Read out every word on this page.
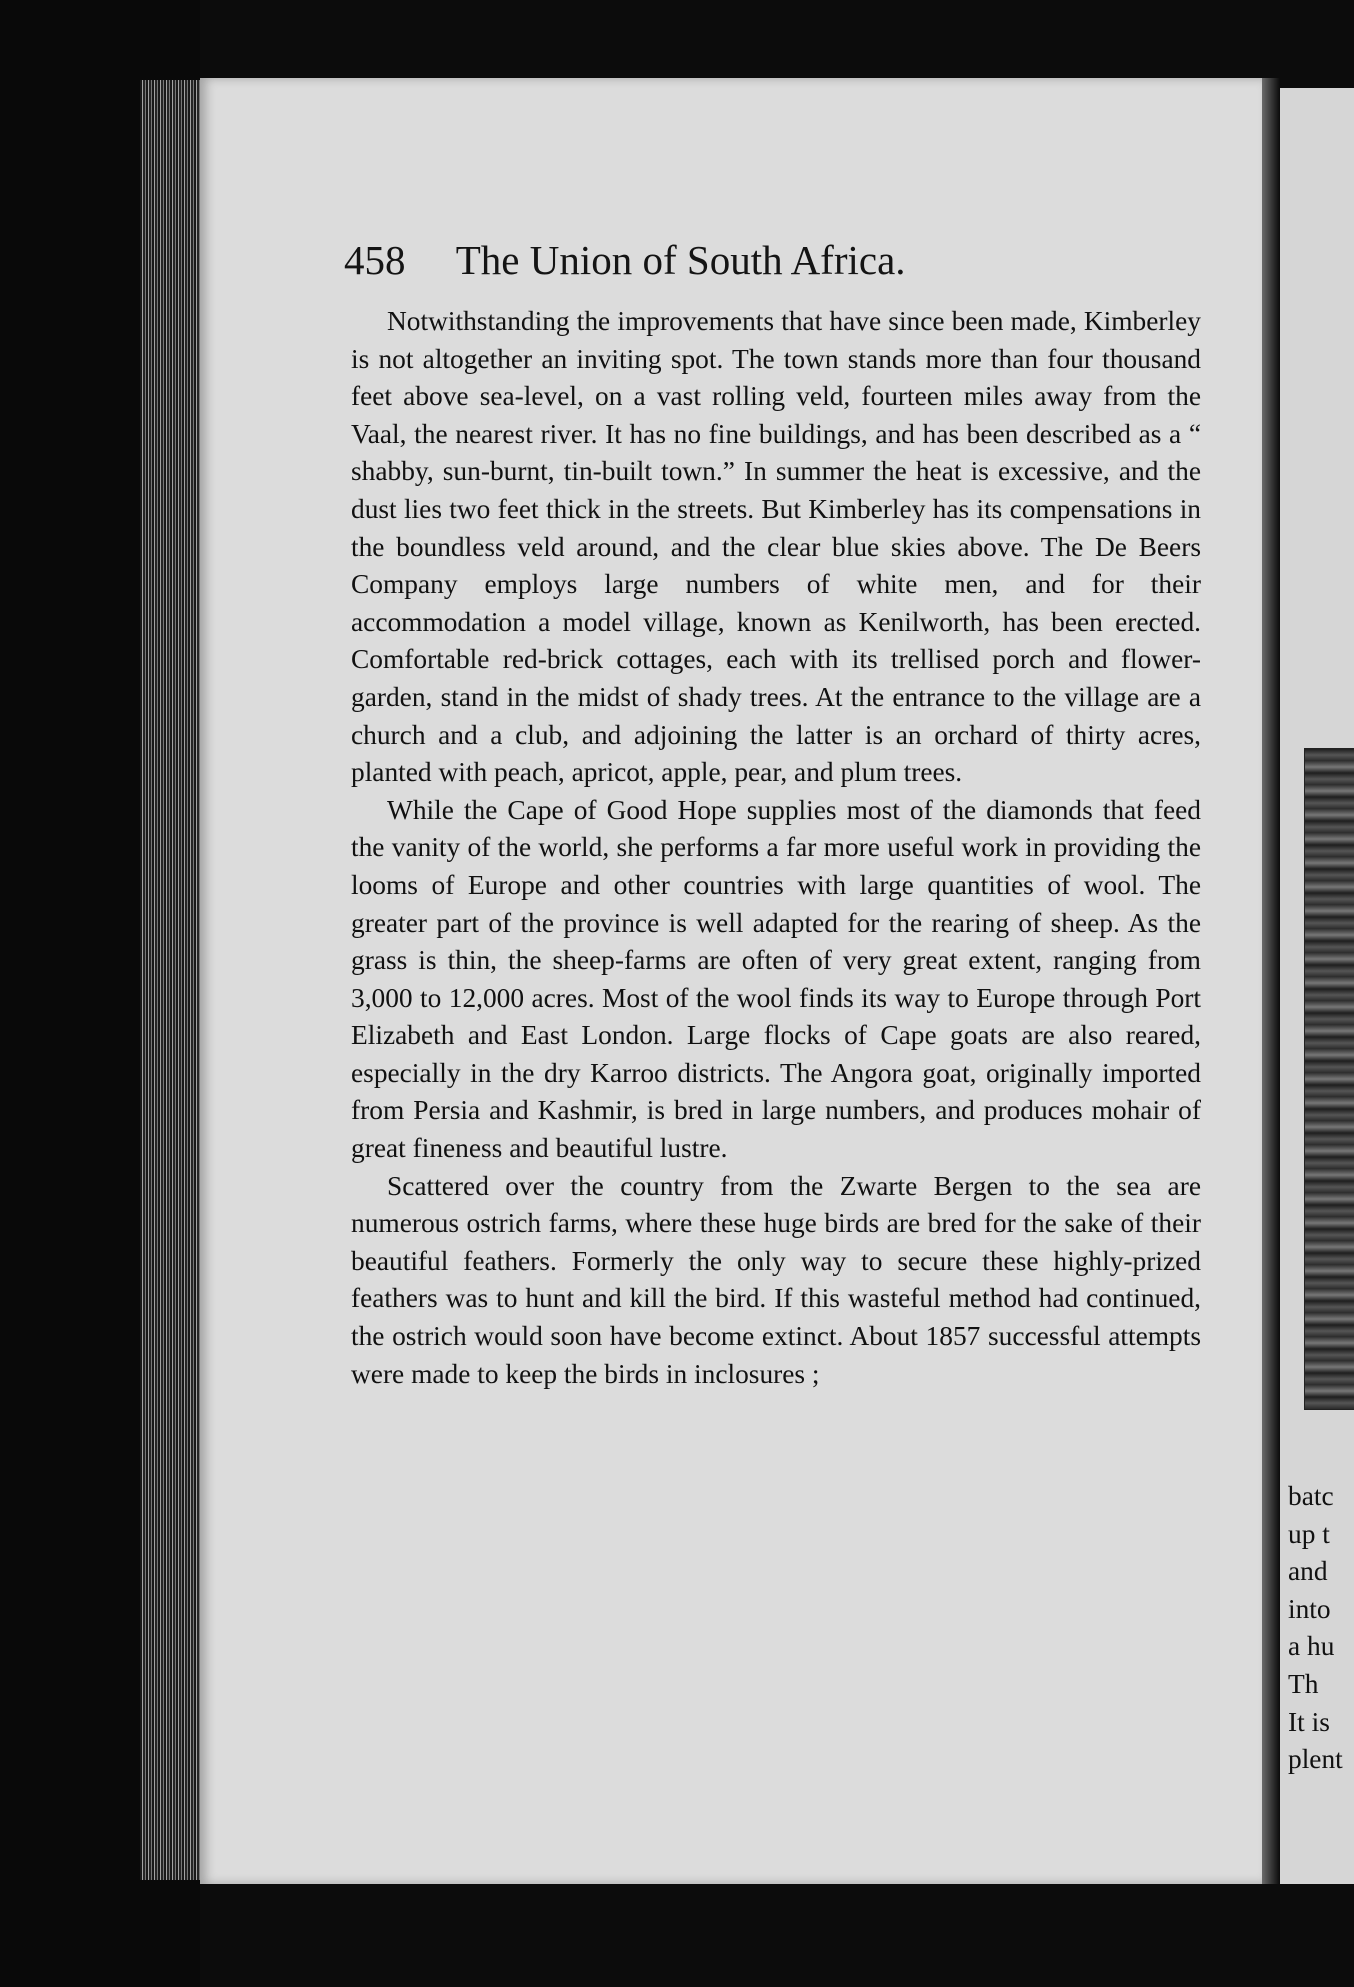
458 The Union of South Africa.

Notwithstanding the improvements that have since been made, Kimberley is not altogether an inviting spot. The town stands more than four thousand feet above sea-level, on a vast rolling veld, fourteen miles away from the Vaal, the nearest river. It has no fine buildings, and has been described as a “ shabby, sun-burnt, tin-built town.” In summer the heat is excessive, and the dust lies two feet thick in the streets. But Kimberley has its compensations in the boundless veld around, and the clear blue skies above. The De Beers Company employs large numbers of white men, and for their accommodation a model village, known as Kenilworth, has been erected. Comfortable red-brick cottages, each with its trellised porch and flower-garden, stand in the midst of shady trees. At the entrance to the village are a church and a club, and adjoining the latter is an orchard of thirty acres, planted with peach, apricot, apple, pear, and plum trees.

While the Cape of Good Hope supplies most of the diamonds that feed the vanity of the world, she performs a far more useful work in providing the looms of Europe and other countries with large quantities of wool. The greater part of the province is well adapted for the rearing of sheep. As the grass is thin, the sheep-farms are often of very great extent, ranging from 3,000 to 12,000 acres. Most of the wool finds its way to Europe through Port Elizabeth and East London. Large flocks of Cape goats are also reared, especially in the dry Karroo districts. The Angora goat, originally imported from Persia and Kashmir, is bred in large numbers, and produces mohair of great fineness and beautiful lustre.

Scattered over the country from the Zwarte Bergen to the sea are numerous ostrich farms, where these huge birds are bred for the sake of their beautiful feathers. Formerly the only way to secure these highly-prized feathers was to hunt and kill the bird. If this wasteful method had continued, the ostrich would soon have become extinct. About 1857 successful attempts were made to keep the birds in inclosures ;

batc
up t
and
into
a hu
Th
It is
plent
